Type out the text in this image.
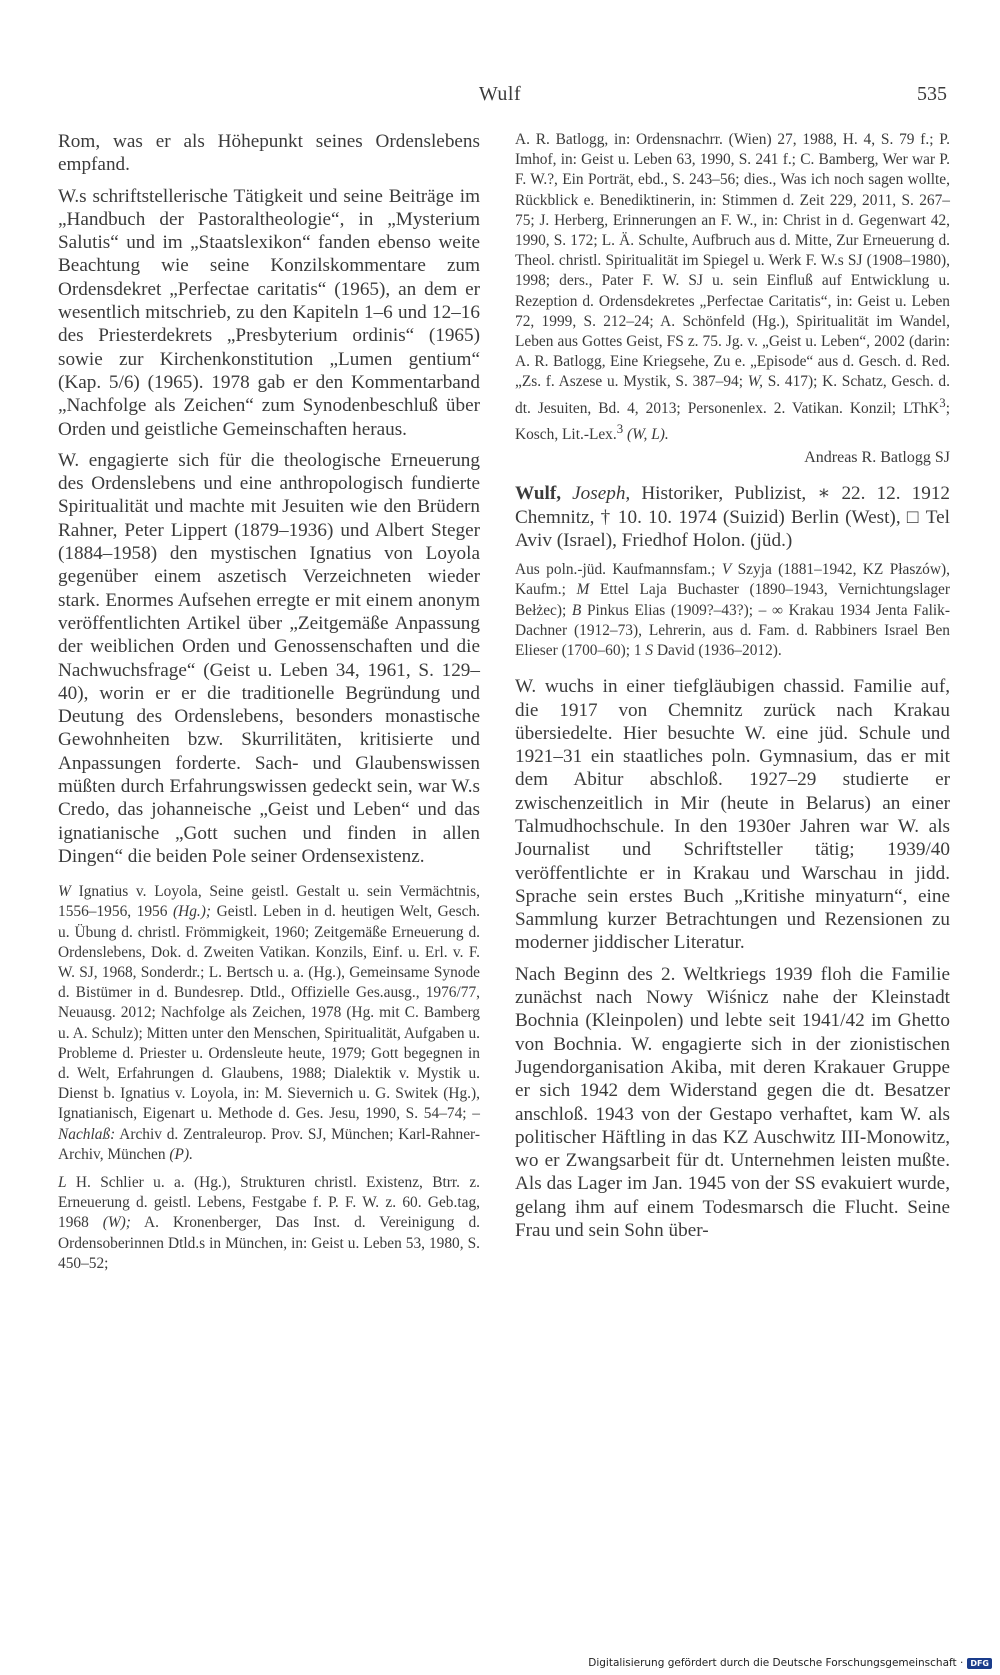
Wulf	535

Rom, was er als Höhepunkt seines Ordenslebens empfand.

W.s schriftstellerische Tätigkeit und seine Beiträge im „Handbuch der Pastoraltheologie“, in „Mysterium Salutis“ und im „Staatslexikon“ fanden ebenso weite Beachtung wie seine Konzilskommentare zum Ordensdekret „Perfectae caritatis“ (1965), an dem er wesentlich mitschrieb, zu den Kapiteln 1–6 und 12–16 des Priesterdekrets „Presbyterium ordinis“ (1965) sowie zur Kirchenkonstitution „Lumen gentium“ (Kap. 5/6) (1965). 1978 gab er den Kommentarband „Nachfolge als Zeichen“ zum Synodenbeschluß über Orden und geistliche Gemeinschaften heraus.

W. engagierte sich für die theologische Erneuerung des Ordenslebens und eine anthropologisch fundierte Spiritualität und machte mit Jesuiten wie den Brüdern Rahner, Peter Lippert (1879–1936) und Albert Steger (1884–1958) den mystischen Ignatius von Loyola gegenüber einem aszetisch Verzeichneten wieder stark. Enormes Aufsehen erregte er mit einem anonym veröffentlichten Artikel über „Zeitgemäße Anpassung der weiblichen Orden und Genossenschaften und die Nachwuchsfrage“ (Geist u. Leben 34, 1961, S. 129–40), worin er er die traditionelle Begründung und Deutung des Ordenslebens, besonders monastische Gewohnheiten bzw. Skurrilitäten, kritisierte und Anpassungen forderte. Sach- und Glaubenswissen müßten durch Erfahrungswissen gedeckt sein, war W.s Credo, das johanneische „Geist und Leben“ und das ignatianische „Gott suchen und finden in allen Dingen“ die beiden Pole seiner Ordensexistenz.

W Ignatius v. Loyola, Seine geistl. Gestalt u. sein Vermächtnis, 1556–1956, 1956 (Hg.); Geistl. Leben in d. heutigen Welt, Gesch. u. Übung d. christl. Frömmigkeit, 1960; Zeitgemäße Erneuerung d. Ordenslebens, Dok. d. Zweiten Vatikan. Konzils, Einf. u. Erl. v. F. W. SJ, 1968, Sonderdr.; L. Bertsch u. a. (Hg.), Gemeinsame Synode d. Bistümer in d. Bundesrep. Dtld., Offizielle Ges.ausg., 1976/77, Neuausg. 2012; Nachfolge als Zeichen, 1978 (Hg. mit C. Bamberg u. A. Schulz); Mitten unter den Menschen, Spiritualität, Aufgaben u. Probleme d. Priester u. Ordensleute heute, 1979; Gott begegnen in d. Welt, Erfahrungen d. Glaubens, 1988; Dialektik v. Mystik u. Dienst b. Ignatius v. Loyola, in: M. Sievernich u. G. Switek (Hg.), Ignatianisch, Eigenart u. Methode d. Ges. Jesu, 1990, S. 54–74; – Nachlaß: Archiv d. Zentraleurop. Prov. SJ, München; Karl-Rahner-Archiv, München (P).

L H. Schlier u. a. (Hg.), Strukturen christl. Existenz, Btrr. z. Erneuerung d. geistl. Lebens, Festgabe f. P. F. W. z. 60. Geb.tag, 1968 (W); A. Kronenberger, Das Inst. d. Vereinigung d. Ordensoberinnen Dtld.s in München, in: Geist u. Leben 53, 1980, S. 450–52;

A. R. Batlogg, in: Ordensnachrr. (Wien) 27, 1988, H. 4, S. 79 f.; P. Imhof, in: Geist u. Leben 63, 1990, S. 241 f.; C. Bamberg, Wer war P. F. W.?, Ein Porträt, ebd., S. 243–56; dies., Was ich noch sagen wollte, Rückblick e. Benediktinerin, in: Stimmen d. Zeit 229, 2011, S. 267–75; J. Herberg, Erinnerungen an F. W., in: Christ in d. Gegenwart 42, 1990, S. 172; L. Ä. Schulte, Aufbruch aus d. Mitte, Zur Erneuerung d. Theol. christl. Spiritualität im Spiegel u. Werk F. W.s SJ (1908–1980), 1998; ders., Pater F. W. SJ u. sein Einfluß auf Entwicklung u. Rezeption d. Ordensdekretes „Perfectae Caritatis“, in: Geist u. Leben 72, 1999, S. 212–24; A. Schönfeld (Hg.), Spiritualität im Wandel, Leben aus Gottes Geist, FS z. 75. Jg. v. „Geist u. Leben“, 2002 (darin: A. R. Batlogg, Eine Kriegsehe, Zu e. „Episode“ aus d. Gesch. d. Red. „Zs. f. Aszese u. Mystik, S. 387–94; W, S. 417); K. Schatz, Gesch. d. dt. Jesuiten, Bd. 4, 2013; Personenlex. 2. Vatikan. Konzil; LThK$^3$; Kosch, Lit.-Lex.$^3$ (W, L).

Andreas R. Batlogg SJ

Wulf, Joseph, Historiker, Publizist, ∗ 22. 12. 1912 Chemnitz, † 10. 10. 1974 (Suizid) Berlin (West), □ Tel Aviv (Israel), Friedhof Holon. (jüd.)

Aus poln.-jüd. Kaufmannsfam.; V Szyja (1881–1942, KZ Płaszów), Kaufm.; M Ettel Laja Buchaster (1890–1943, Vernichtungslager Bełżec); B Pinkus Elias (1909?–43?); – ∞ Krakau 1934 Jenta Falik-Dachner (1912–73), Lehrerin, aus d. Fam. d. Rabbiners Israel Ben Elieser (1700–60); 1 S David (1936–2012).

W. wuchs in einer tiefgläubigen chassid. Familie auf, die 1917 von Chemnitz zurück nach Krakau übersiedelte. Hier besuchte W. eine jüd. Schule und 1921–31 ein staatliches poln. Gymnasium, das er mit dem Abitur abschloß. 1927–29 studierte er zwischenzeitlich in Mir (heute in Belarus) an einer Talmudhochschule. In den 1930er Jahren war W. als Journalist und Schriftsteller tätig; 1939/40 veröffentlichte er in Krakau und Warschau in jidd. Sprache sein erstes Buch „Kritishe minyaturn“, eine Sammlung kurzer Betrachtungen und Rezensionen zu moderner jiddischer Literatur.

Nach Beginn des 2. Weltkriegs 1939 floh die Familie zunächst nach Nowy Wiśnicz nahe der Kleinstadt Bochnia (Kleinpolen) und lebte seit 1941/42 im Ghetto von Bochnia. W. engagierte sich in der zionistischen Jugendorganisation Akiba, mit deren Krakauer Gruppe er sich 1942 dem Widerstand gegen die dt. Besatzer anschloß. 1943 von der Gestapo verhaftet, kam W. als politischer Häftling in das KZ Auschwitz III-Monowitz, wo er Zwangsarbeit für dt. Unternehmen leisten mußte. Als das Lager im Jan. 1945 von der SS evakuiert wurde, gelang ihm auf einem Todesmarsch die Flucht. Seine Frau und sein Sohn über-

Digitalisierung gefördert durch die Deutsche Forschungsgemeinschaft · DFG
